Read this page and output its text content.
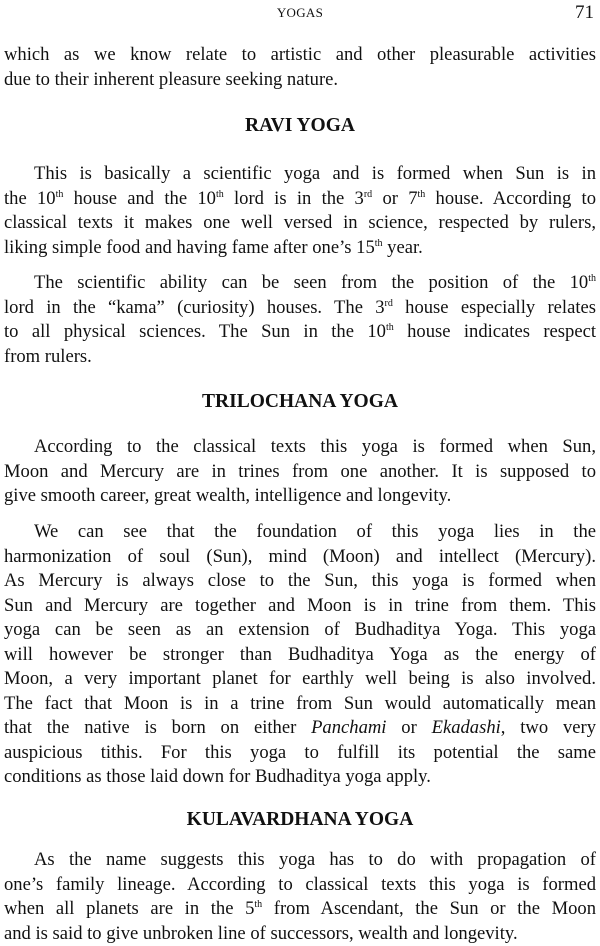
YOGAS	71
which as we know relate to artistic and other pleasurable activities
due to their inherent pleasure seeking nature.
RAVI YOGA
This is basically a scientific yoga and is formed when Sun is in
the 10th house and the 10th lord is in the 3rd or 7th house. According to
classical texts it makes one well versed in science, respected by rulers,
liking simple food and having fame after one’s 15th year.
The scientific ability can be seen from the position of the 10th
lord in the “kama” (curiosity) houses. The 3rd house especially relates
to all physical sciences. The Sun in the 10th house indicates respect
from rulers.
TRILOCHANA YOGA
According to the classical texts this yoga is formed when Sun,
Moon and Mercury are in trines from one another. It is supposed to
give smooth career, great wealth, intelligence and longevity.
We can see that the foundation of this yoga lies in the
harmonization of soul (Sun), mind (Moon) and intellect (Mercury).
As Mercury is always close to the Sun, this yoga is formed when
Sun and Mercury are together and Moon is in trine from them. This
yoga can be seen as an extension of Budhaditya Yoga. This yoga
will however be stronger than Budhaditya Yoga as the energy of
Moon, a very important planet for earthly well being is also involved.
The fact that Moon is in a trine from Sun would automatically mean
that the native is born on either Panchami or Ekadashi, two very
auspicious tithis. For this yoga to fulfill its potential the same
conditions as those laid down for Budhaditya yoga apply.
KULAVARDHANA YOGA
As the name suggests this yoga has to do with propagation of
one’s family lineage. According to classical texts this yoga is formed
when all planets are in the 5th from Ascendant, the Sun or the Moon
and is said to give unbroken line of successors, wealth and longevity.
